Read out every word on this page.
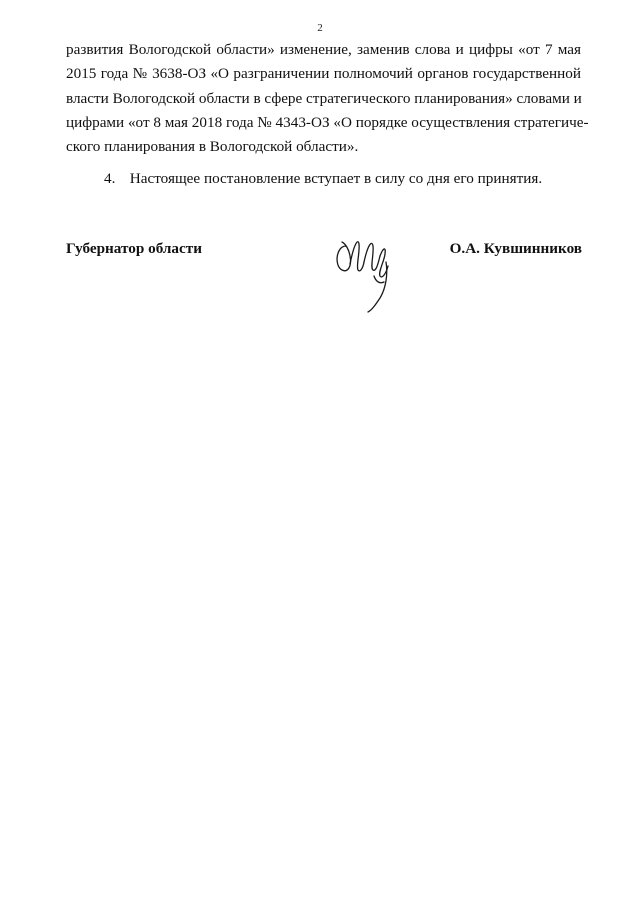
2
развития Вологодской области» изменение, заменив слова и цифры «от 7 мая
2015 года № 3638-ОЗ «О разграничении полномочий органов государственной
власти Вологодской области в сфере стратегического планирования» словами и
цифрами «от 8 мая 2018 года № 4343-ОЗ «О порядке осуществления стратегиче-
ского планирования в Вологодской области».
4. Настоящее постановление вступает в силу со дня его принятия.
Губернатор области	О.А. Кувшинников
